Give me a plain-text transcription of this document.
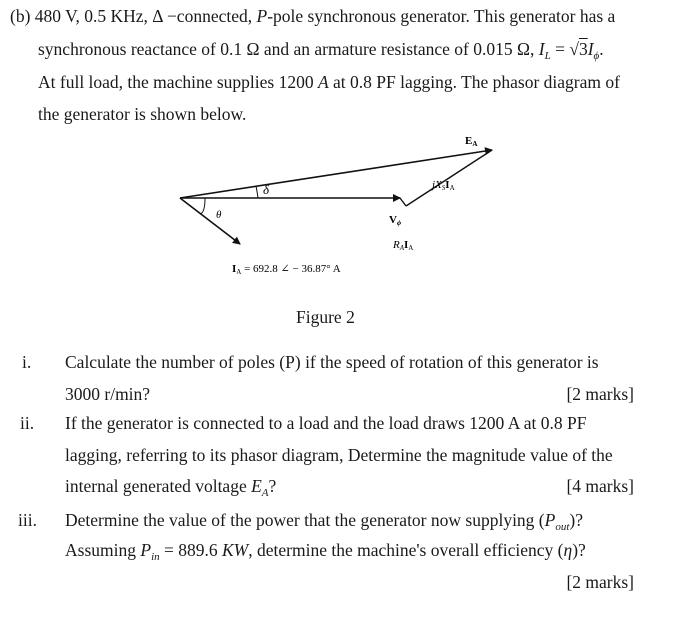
(b) 480 V, 0.5 KHz, Δ −connected, P-pole synchronous generator. This generator has a
synchronous reactance of 0.1 Ω and an armature resistance of 0.015 Ω, $I_L = √3I_\phi$.
At full load, the machine supplies 1200 A at 0.8 PF lagging. The phasor diagram of
the generator is shown below.
δ
θ
EA
jXSIA
Vϕ
RAIA
IA = 692.8 ∠ − 36.87° A
Figure 2
i. Calculate the number of poles (P) if the speed of rotation of this generator is
3000 r/min?	[2 marks]
ii. If the generator is connected to a load and the load draws 1200 A at 0.8 PF
lagging, referring to its phasor diagram, Determine the magnitude value of the
internal generated voltage $E_A$?	[4 marks]
iii. Determine the value of the power that the generator now supplying $(P_{out})$?
Assuming $P_{in} = 889.6$ KW, determine the machine's overall efficiency (η)?
[2 marks]
